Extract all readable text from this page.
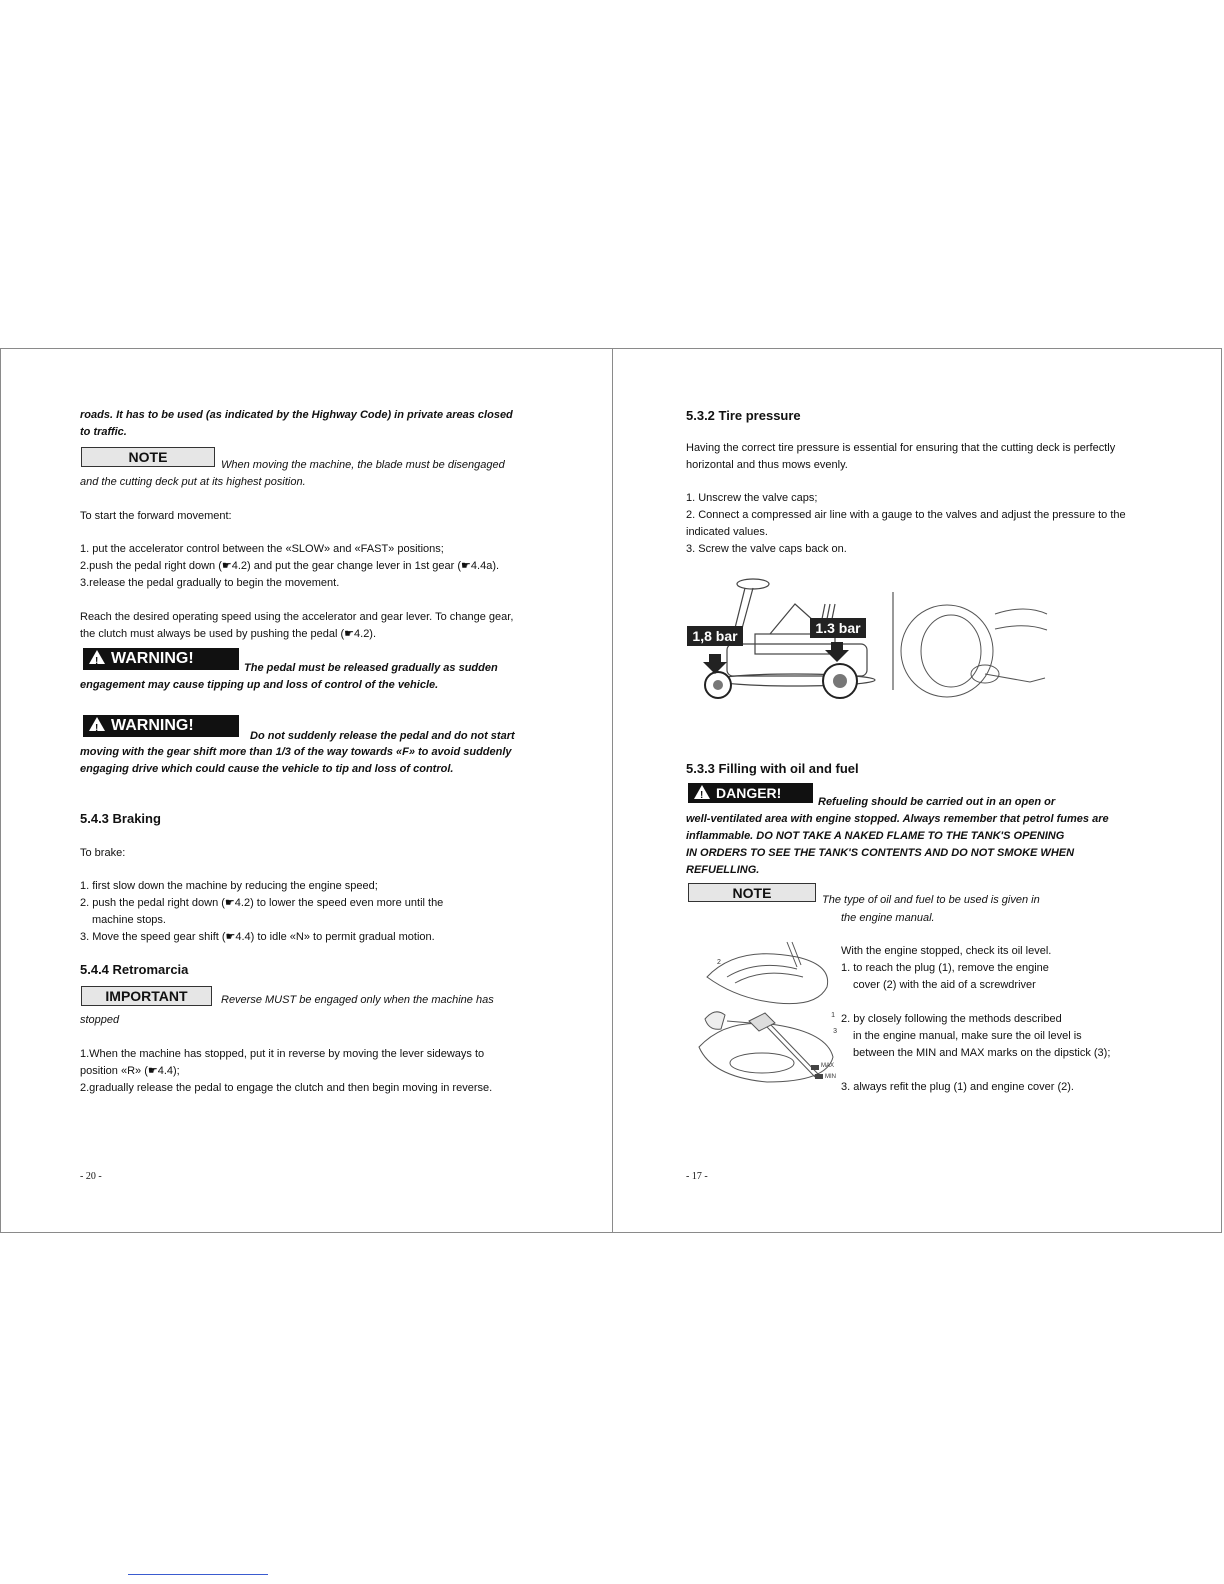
roads. It has to be used (as indicated by the Highway Code) in private areas closed
to traffic.
NOTE	When moving the machine, the blade must be disengaged
and the cutting deck put at its highest position.
To start the forward movement:
1. put the accelerator control between the «SLOW» and «FAST» positions;
2.push the pedal right down (☛4.2) and put the gear change lever in 1st gear (☛4.4a).
3.release the pedal gradually to begin the movement.
Reach the desired operating speed using the accelerator and gear lever. To change gear,
the clutch must always be used by pushing the pedal (☛4.2).
!WARNING!
The pedal must be released gradually as sudden
engagement may cause tipping up and loss of control of the vehicle.
!WARNING!
Do not suddenly release the pedal and do not start
moving with the gear shift more than 1/3 of the way towards «F» to avoid suddenly
engaging drive which could cause the vehicle to tip and loss of control.
5.4.3 Braking
To brake:
1. first slow down the machine by reducing the engine speed;
2. push the pedal right down (☛4.2) to lower the speed even more until the
machine stops.
3. Move the speed gear shift (☛4.4) to idle «N» to permit gradual motion.
5.4.4 Retromarcia
IMPORTANT	Reverse MUST be engaged only when the machine has
stopped
1.When the machine has stopped, put it in reverse by moving the lever sideways to
position «R» (☛4.4);
2.gradually release the pedal to engage the clutch and then begin moving in reverse.
- 20 -
5.3.2 Tire pressure
Having the correct tire pressure is essential for ensuring that the cutting deck is perfectly
horizontal and thus mows evenly.
1. Unscrew the valve caps;
2. Connect a compressed air line with a gauge to the valves and adjust the pressure to the
indicated values.
3. Screw the valve caps back on.
1,8 bar	1.3 bar
5.3.3 Filling with oil and fuel
!DANGER!
Refueling should be carried out in an open or
well-ventilated area with engine stopped. Always remember that petrol fumes are
inflammable. DO NOT TAKE A NAKED FLAME TO THE TANK'S OPENING
IN ORDERS TO SEE THE TANK'S CONTENTS AND DO NOT SMOKE WHEN
REFUELLING.
NOTE	The type of oil and fuel to be used is given in
the engine manual.
2
MAX
MIN
1
3
With the engine stopped, check its oil level.
1. to reach the plug (1), remove the engine
cover (2) with the aid of a screwdriver
2. by closely following the methods described
in the engine manual, make sure the oil level is
between the MIN and MAX marks on the dipstick (3);
3. always refit the plug (1) and engine cover (2).
- 17 -
